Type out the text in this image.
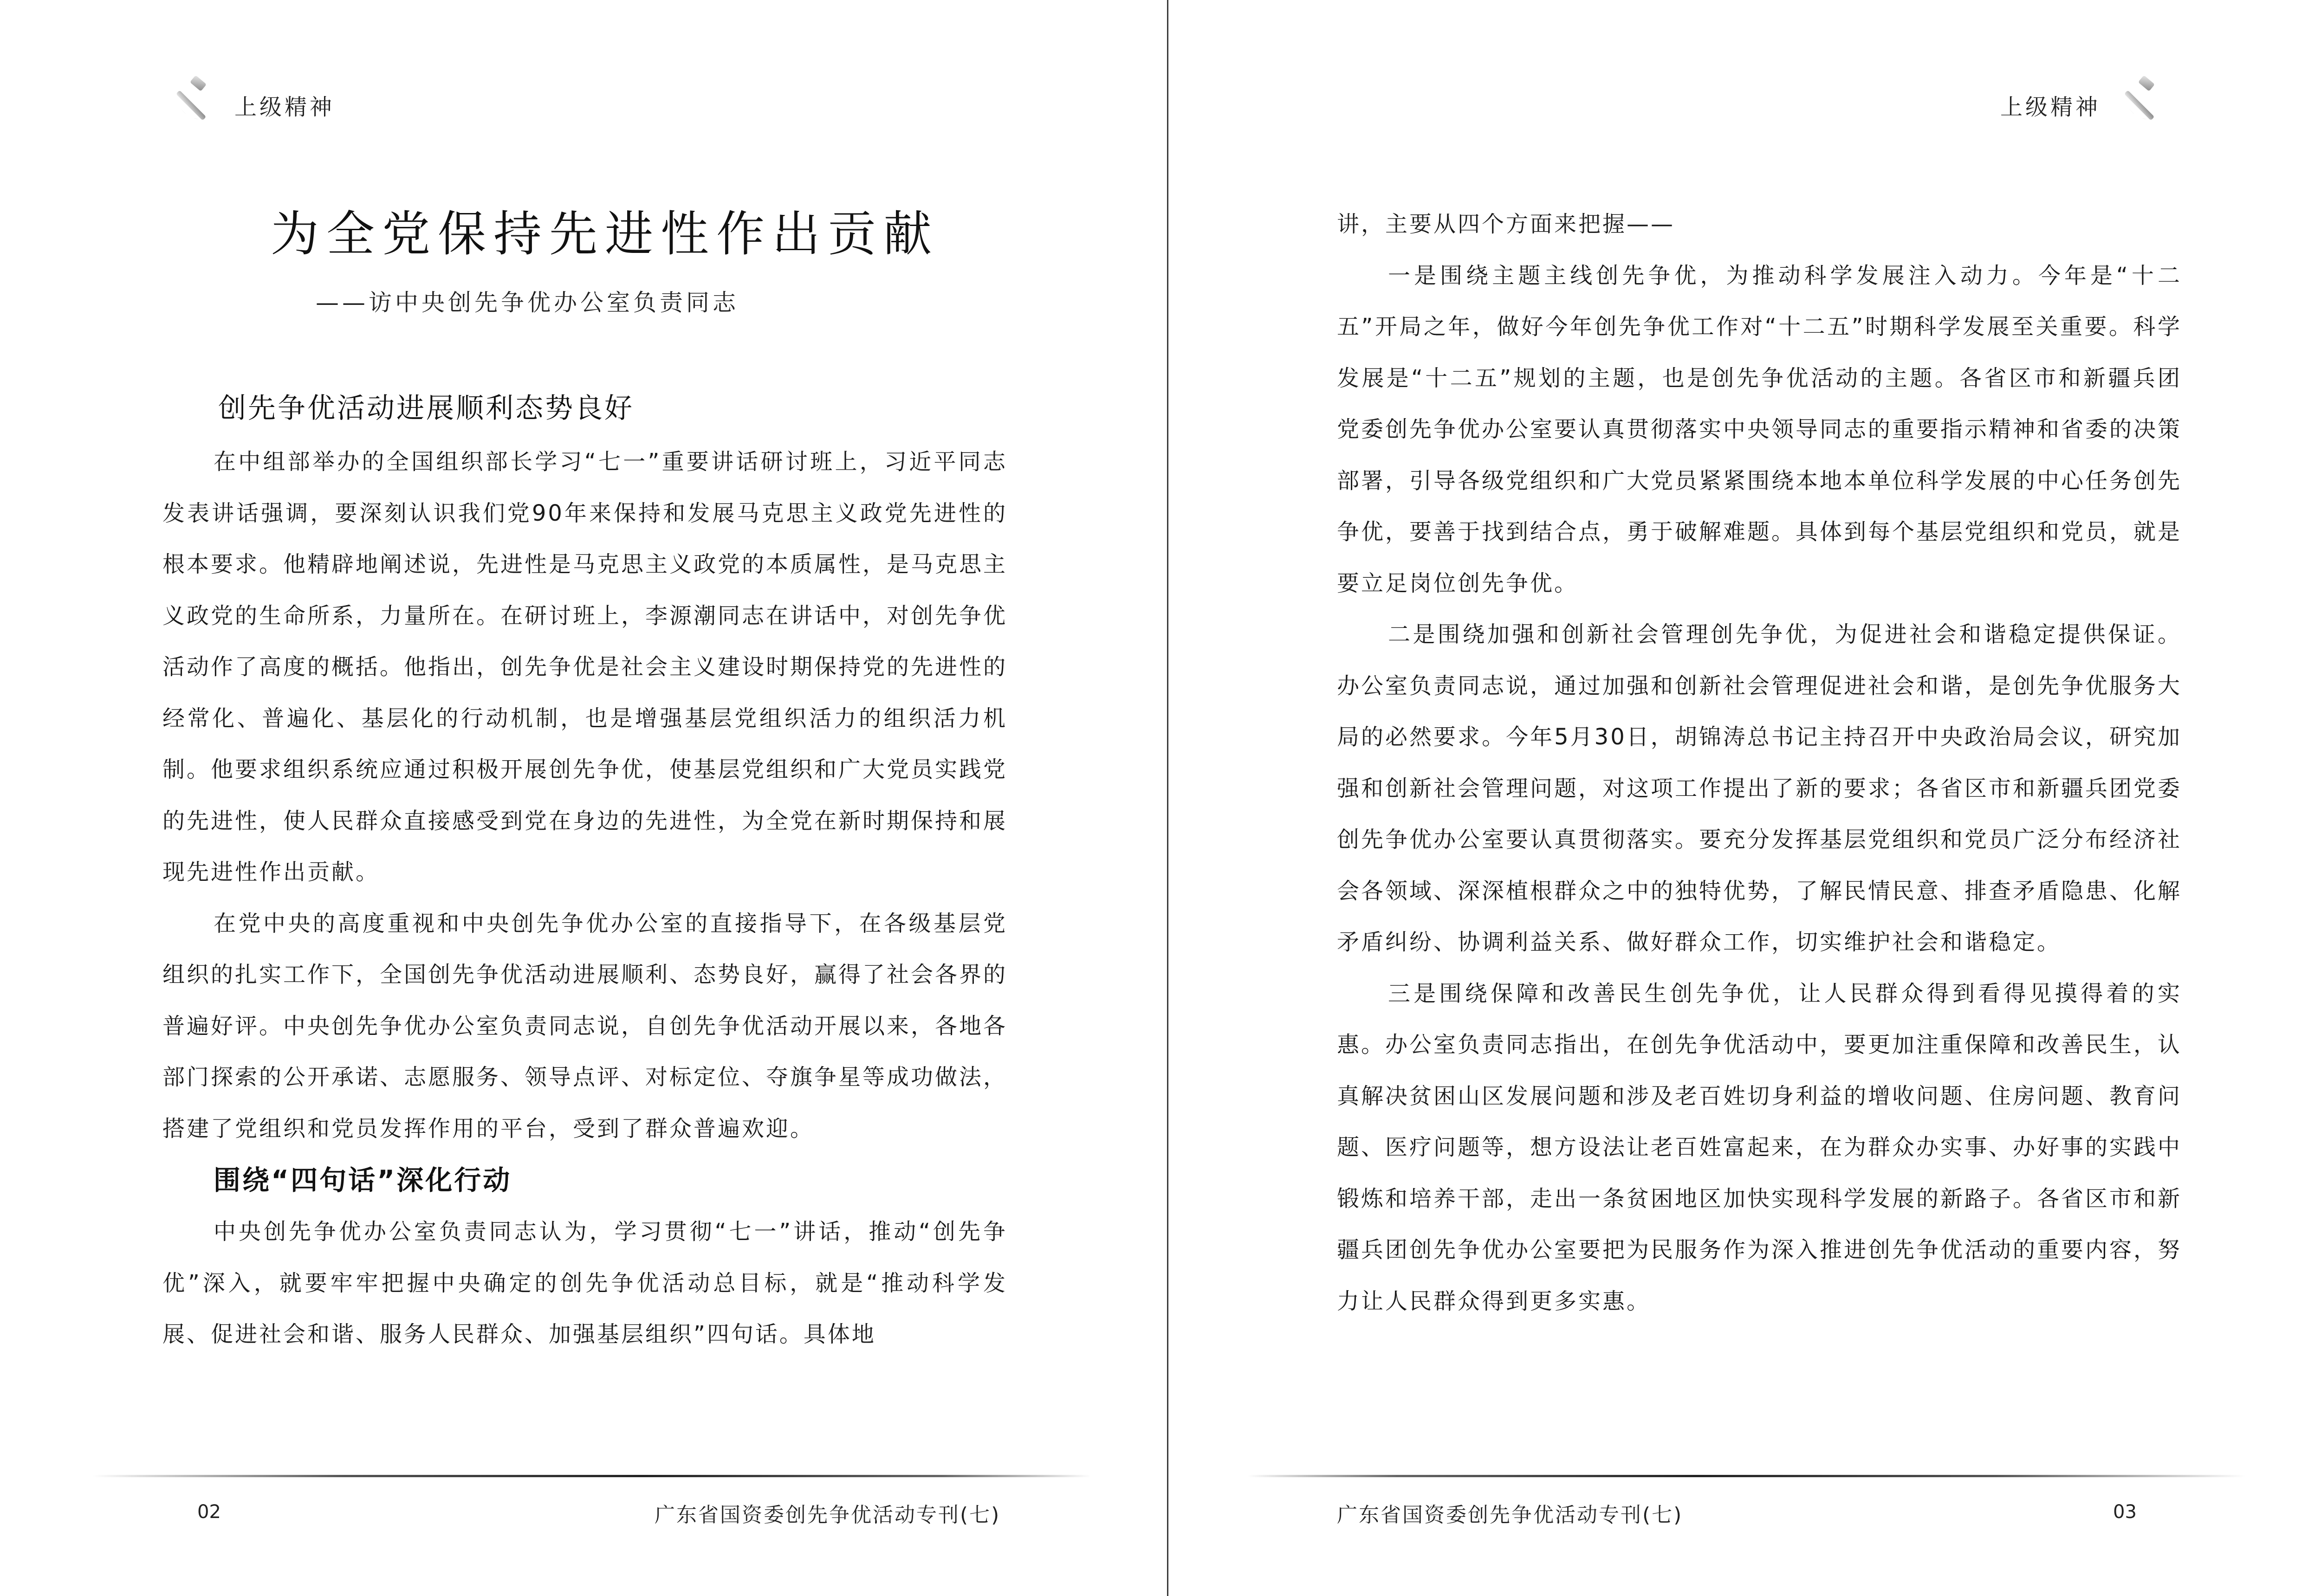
上级精神
为全党保持先进性作出贡献
——访中央创先争优办公室负责同志
创先争优活动进展顺利态势良好

在中组部举办的全国组织部长学习“七一”重要讲话研讨班上，习近平同志发表讲话强调，要深刻认识我们党90年来保持和发展马克思主义政党先进性的根本要求。他精辟地阐述说，先进性是马克思主义政党的本质属性，是马克思主义政党的生命所系，力量所在。在研讨班上，李源潮同志在讲话中，对创先争优活动作了高度的概括。他指出，创先争优是社会主义建设时期保持党的先进性的经常化、普遍化、基层化的行动机制，也是增强基层党组织活力的组织活力机制。他要求组织系统应通过积极开展创先争优，使基层党组织和广大党员实践党的先进性，使人民群众直接感受到党在身边的先进性，为全党在新时期保持和展现先进性作出贡献。

在党中央的高度重视和中央创先争优办公室的直接指导下，在各级基层党组织的扎实工作下，全国创先争优活动进展顺利、态势良好，赢得了社会各界的普遍好评。中央创先争优办公室负责同志说，自创先争优活动开展以来，各地各部门探索的公开承诺、志愿服务、领导点评、对标定位、夺旗争星等成功做法，搭建了党组织和党员发挥作用的平台，受到了群众普遍欢迎。

围绕“四句话”深化行动

中央创先争优办公室负责同志认为，学习贯彻“七一”讲话，推动“创先争优”深入，就要牢牢把握中央确定的创先争优活动总目标，就是“推动科学发展、促进社会和谐、服务人民群众、加强基层组织”四句话。具体地

02	广东省国资委创先争优活动专刊(七)
上级精神

讲，主要从四个方面来把握——

一是围绕主题主线创先争优，为推动科学发展注入动力。今年是“十二五”开局之年，做好今年创先争优工作对“十二五”时期科学发展至关重要。科学发展是“十二五”规划的主题，也是创先争优活动的主题。各省区市和新疆兵团党委创先争优办公室要认真贯彻落实中央领导同志的重要指示精神和省委的决策部署，引导各级党组织和广大党员紧紧围绕本地本单位科学发展的中心任务创先争优，要善于找到结合点，勇于破解难题。具体到每个基层党组织和党员，就是要立足岗位创先争优。

二是围绕加强和创新社会管理创先争优，为促进社会和谐稳定提供保证。办公室负责同志说，通过加强和创新社会管理促进社会和谐，是创先争优服务大局的必然要求。今年5月30日，胡锦涛总书记主持召开中央政治局会议，研究加强和创新社会管理问题，对这项工作提出了新的要求；各省区市和新疆兵团党委创先争优办公室要认真贯彻落实。要充分发挥基层党组织和党员广泛分布经济社会各领域、深深植根群众之中的独特优势，了解民情民意、排查矛盾隐患、化解矛盾纠纷、协调利益关系、做好群众工作，切实维护社会和谐稳定。

三是围绕保障和改善民生创先争优，让人民群众得到看得见摸得着的实惠。办公室负责同志指出，在创先争优活动中，要更加注重保障和改善民生，认真解决贫困山区发展问题和涉及老百姓切身利益的增收问题、住房问题、教育问题、医疗问题等，想方设法让老百姓富起来，在为群众办实事、办好事的实践中锻炼和培养干部，走出一条贫困地区加快实现科学发展的新路子。各省区市和新疆兵团创先争优办公室要把为民服务作为深入推进创先争优活动的重要内容，努力让人民群众得到更多实惠。

广东省国资委创先争优活动专刊(七)	03
